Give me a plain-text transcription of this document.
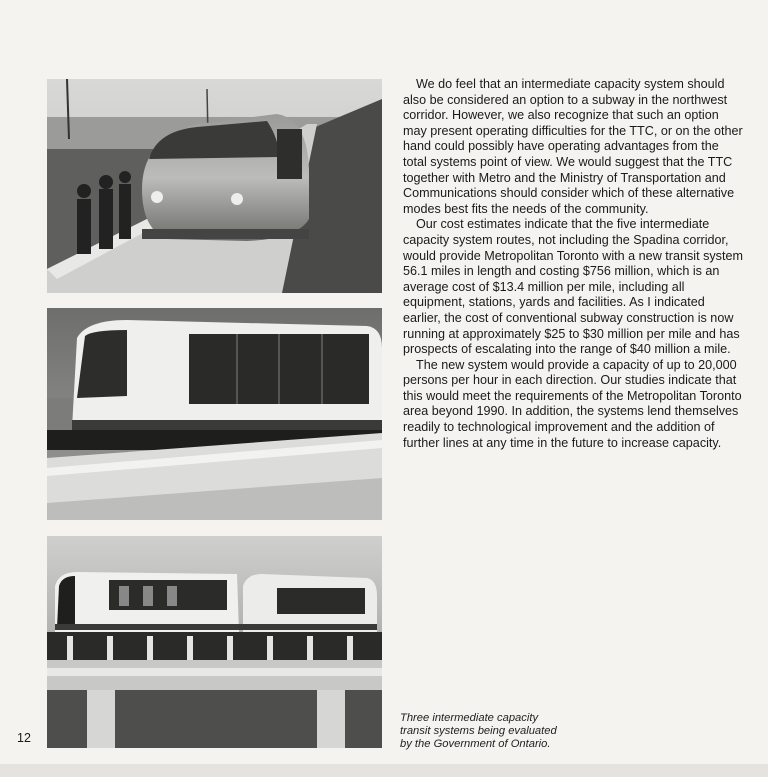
We do feel that an intermediate capacity system should also be considered an option to a subway in the northwest corridor. However, we also recognize that such an option may present operating difficulties for the TTC, or on the other hand could possibly have operating advantages from the total systems point of view. We would suggest that the TTC together with Metro and the Ministry of Transportation and Communications should consider which of these alternative modes best fits the needs of the community.

Our cost estimates indicate that the five intermediate capacity system routes, not including the Spadina corridor, would provide Metropolitan Toronto with a new transit system 56.1 miles in length and costing $756 million, which is an average cost of $13.4 million per mile, including all equipment, stations, yards and facilities. As I indicated earlier, the cost of conventional subway construction is now running at approximately $25 to $30 million per mile and has prospects of escalating into the range of $40 million a mile.

The new system would provide a capacity of up to 20,000 persons per hour in each direction. Our studies indicate that this would meet the requirements of the Metropolitan Toronto area beyond 1990. In addition, the systems lend themselves readily to technological improvement and the addition of further lines at any time in the future to increase capacity.

Three intermediate capacity
transit systems being evaluated
by the Government of Ontario.
12
